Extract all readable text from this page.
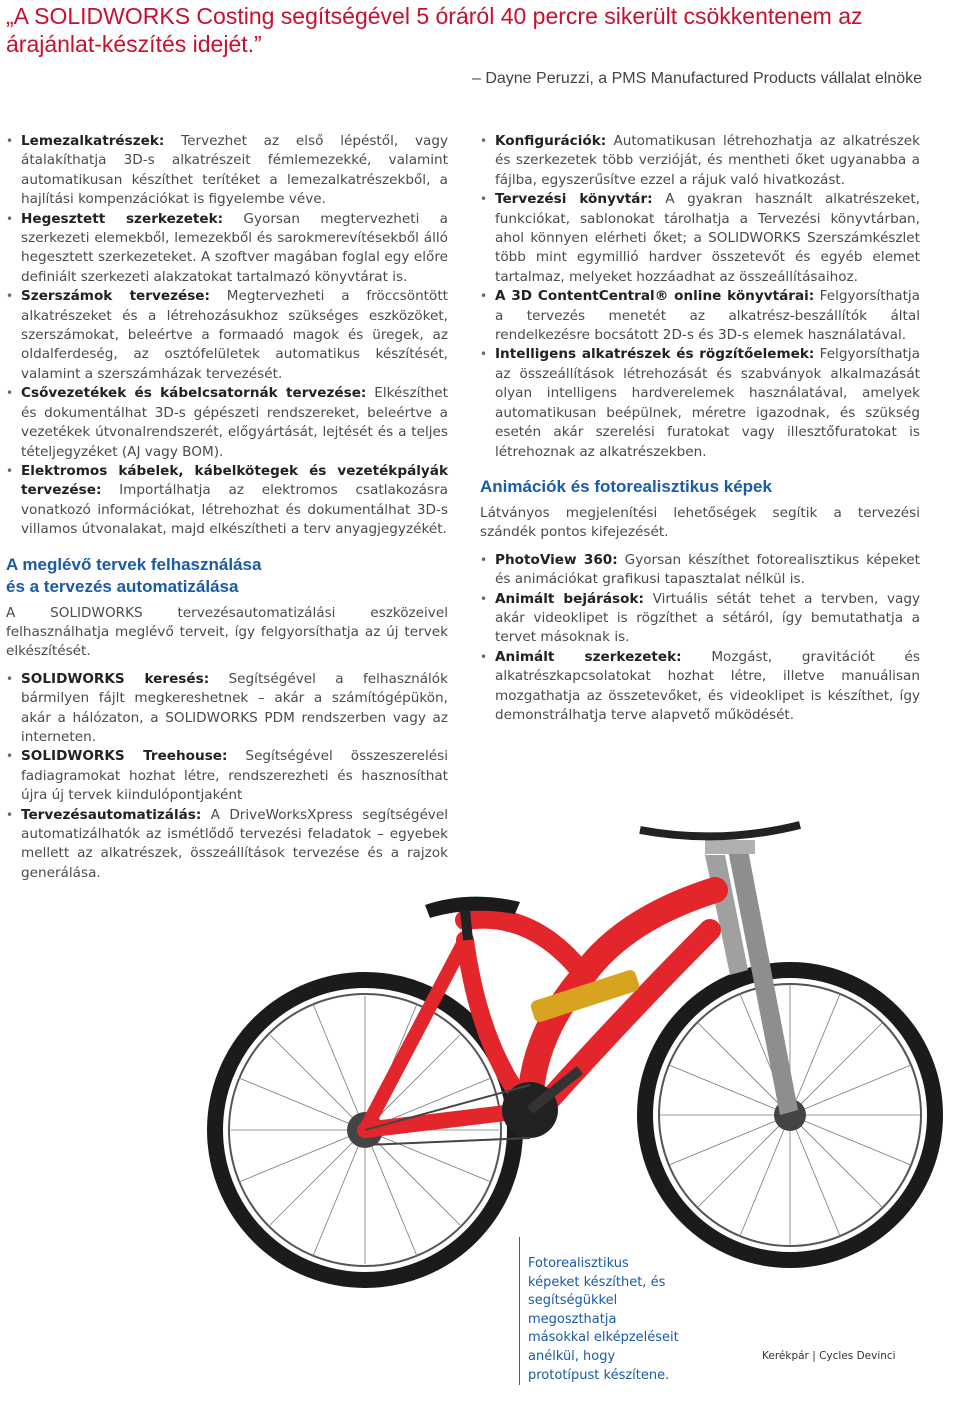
„A SOLIDWORKS Costing segítségével 5 óráról 40 percre sikerült csökkentenem az árajánlat-készítés idejét.”
– Dayne Peruzzi, a PMS Manufactured Products vállalat elnöke
• Lemezalkatrészek: Tervezhet az első lépéstől, vagy átalakíthatja 3D-s alkatrészeit fémlemezekké, valamint automatikusan készíthet terítéket a lemezalkatrészekből, a hajlítási kompenzációkat is figyelembe véve.
• Hegesztett szerkezetek: Gyorsan megtervezheti a szerkezeti elemekből, lemezekből és sarokmerevítésekből álló hegesztett szerkezeteket. A szoftver magában foglal egy előre definiált szerkezeti alakzatokat tartalmazó könyvtárat is.
• Szerszámok tervezése: Megtervezheti a fröccsöntött alkatrészeket és a létrehozásukhoz szükséges eszközöket, szerszámokat, beleértve a formaadó magok és üregek, az oldalferdeség, az osztófelületek automatikus készítését, valamint a szerszámházak tervezését.
• Csővezetékek és kábelcsatornák tervezése: Elkészíthet és dokumentálhat 3D-s gépészeti rendszereket, beleértve a vezetékek útvonalrendszerét, előgyártását, lejtését és a teljes tételjegyzéket (AJ vagy BOM).
• Elektromos kábelek, kábelkötegek és vezetékpályák tervezése: Importálhatja az elektromos csatlakozásra vonatkozó információkat, létrehozhat és dokumentálhat 3D-s villamos útvonalakat, majd elkészítheti a terv anyagjegyzékét.
A meglévő tervek felhasználása
és a tervezés automatizálása

A SOLIDWORKS tervezésautomatizálási eszközeivel felhasználhatja meglévő terveit, így felgyorsíthatja az új tervek elkészítését.

• SOLIDWORKS keresés: Segítségével a felhasználók bármilyen fájlt megkereshetnek – akár a számítógépükön, akár a hálózaton, a SOLIDWORKS PDM rendszerben vagy az interneten.
• SOLIDWORKS Treehouse: Segítségével összeszerelési fadiagramokat hozhat létre, rendszerezheti és hasznosíthat újra új tervek kiindulópontjaként
• Tervezésautomatizálás: A DriveWorksXpress segítségével automatizálhatók az ismétlődő tervezési feladatok – egyebek mellett az alkatrészek, összeállítások tervezése és a rajzok generálása.
• Konfigurációk: Automatikusan létrehozhatja az alkatrészek és szerkezetek több verzióját, és mentheti őket ugyanabba a fájlba, egyszerűsítve ezzel a rájuk való hivatkozást.
• Tervezési könyvtár: A gyakran használt alkatrészeket, funkciókat, sablonokat tárolhatja a Tervezési könyvtárban, ahol könnyen elérheti őket; a SOLIDWORKS Szerszámkészlet több mint egymillió hardver összetevőt és egyéb elemet tartalmaz, melyeket hozzáadhat az összeállításaihoz.
• A 3D ContentCentral® online könyvtárai: Felgyorsíthatja a tervezés menetét az alkatrész-beszállítók által rendelkezésre bocsátott 2D-s és 3D-s elemek használatával.
• Intelligens alkatrészek és rögzítőelemek: Felgyorsíthatja az összeállítások létrehozását és szabványok alkalmazását olyan intelligens hardverelemek használatával, amelyek automatikusan beépülnek, méretre igazodnak, és szükség esetén akár szerelési furatokat vagy illesztőfuratokat is létrehoznak az alkatrészekben.
Animációk és fotorealisztikus képek

Látványos megjelenítési lehetőségek segítik a tervezési szándék pontos kifejezését.

• PhotoView 360: Gyorsan készíthet fotorealisztikus képeket és animációkat grafikusi tapasztalat nélkül is.
• Animált bejárások: Virtuális sétát tehet a tervben, vagy akár videoklipet is rögzíthet a sétáról, így bemutathatja a tervet másoknak is.
• Animált szerkezetek: Mozgást, gravitációt és alkatrészkapcsolatokat hozhat létre, illetve manuálisan mozgathatja az összetevőket, és videoklipet is készíthet, így demonstrálhatja terve alapvető működését.
Fotorealisztikus képeket készíthet, és segítségükkel megoszthatja másokkal elképzeléseit anélkül, hogy prototípust készítene.
Kerékpár | Cycles Devinci
